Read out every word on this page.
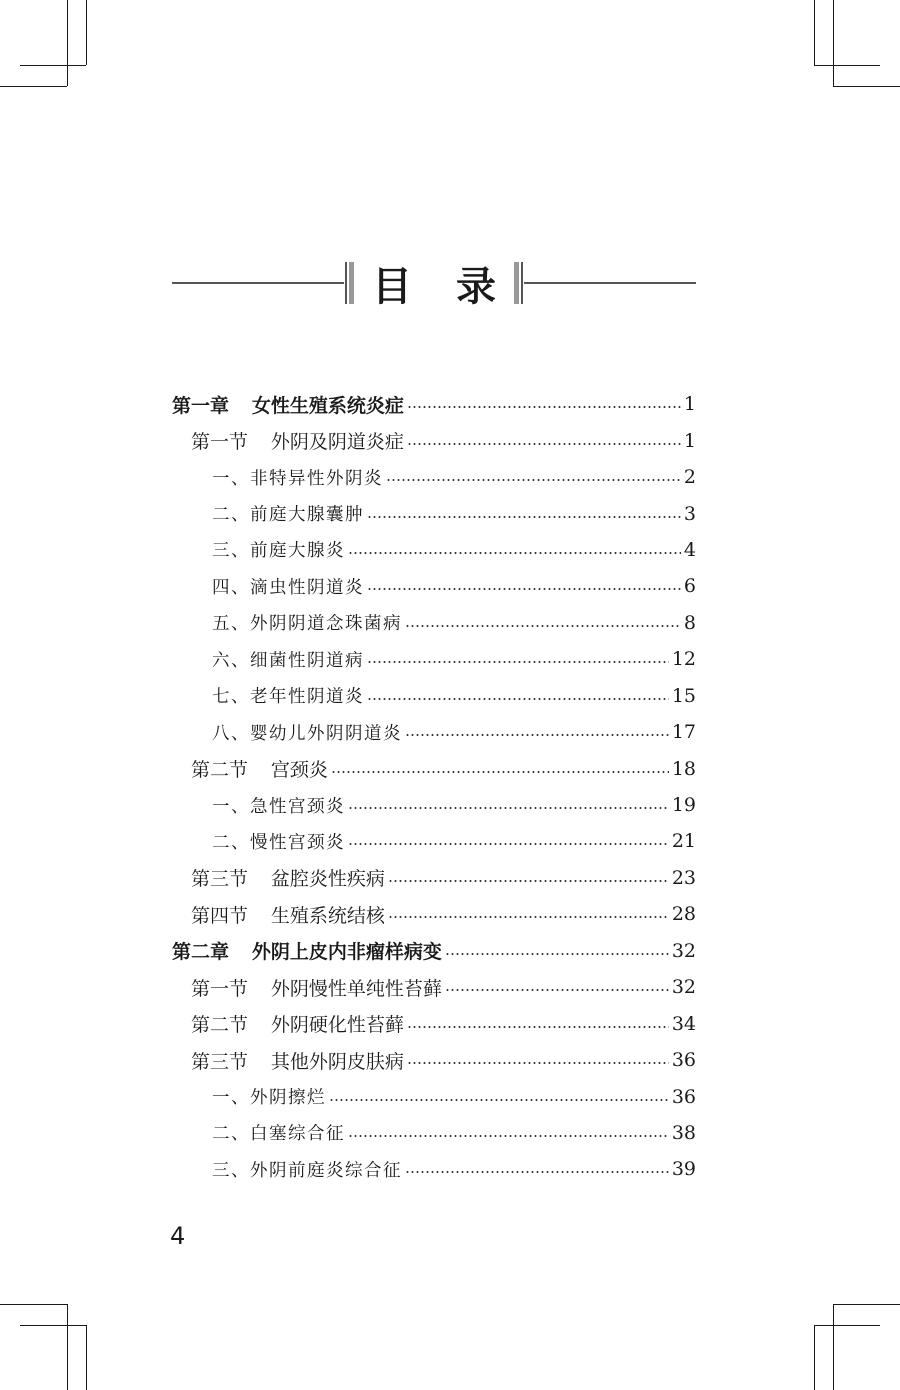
目 录
第一章 女性生殖系统炎症	1
第一节 外阴及阴道炎症	1
一、非特异性外阴炎	2
二、前庭大腺囊肿	3
三、前庭大腺炎	4
四、滴虫性阴道炎	6
五、外阴阴道念珠菌病	8
六、细菌性阴道病	12
七、老年性阴道炎	15
八、婴幼儿外阴阴道炎	17
第二节 宫颈炎	18
一、急性宫颈炎	19
二、慢性宫颈炎	21
第三节 盆腔炎性疾病	23
第四节 生殖系统结核	28
第二章 外阴上皮内非瘤样病变	32
第一节 外阴慢性单纯性苔藓	32
第二节 外阴硬化性苔藓	34
第三节 其他外阴皮肤病	36
一、外阴擦烂	36
二、白塞综合征	38
三、外阴前庭炎综合征	39
4
